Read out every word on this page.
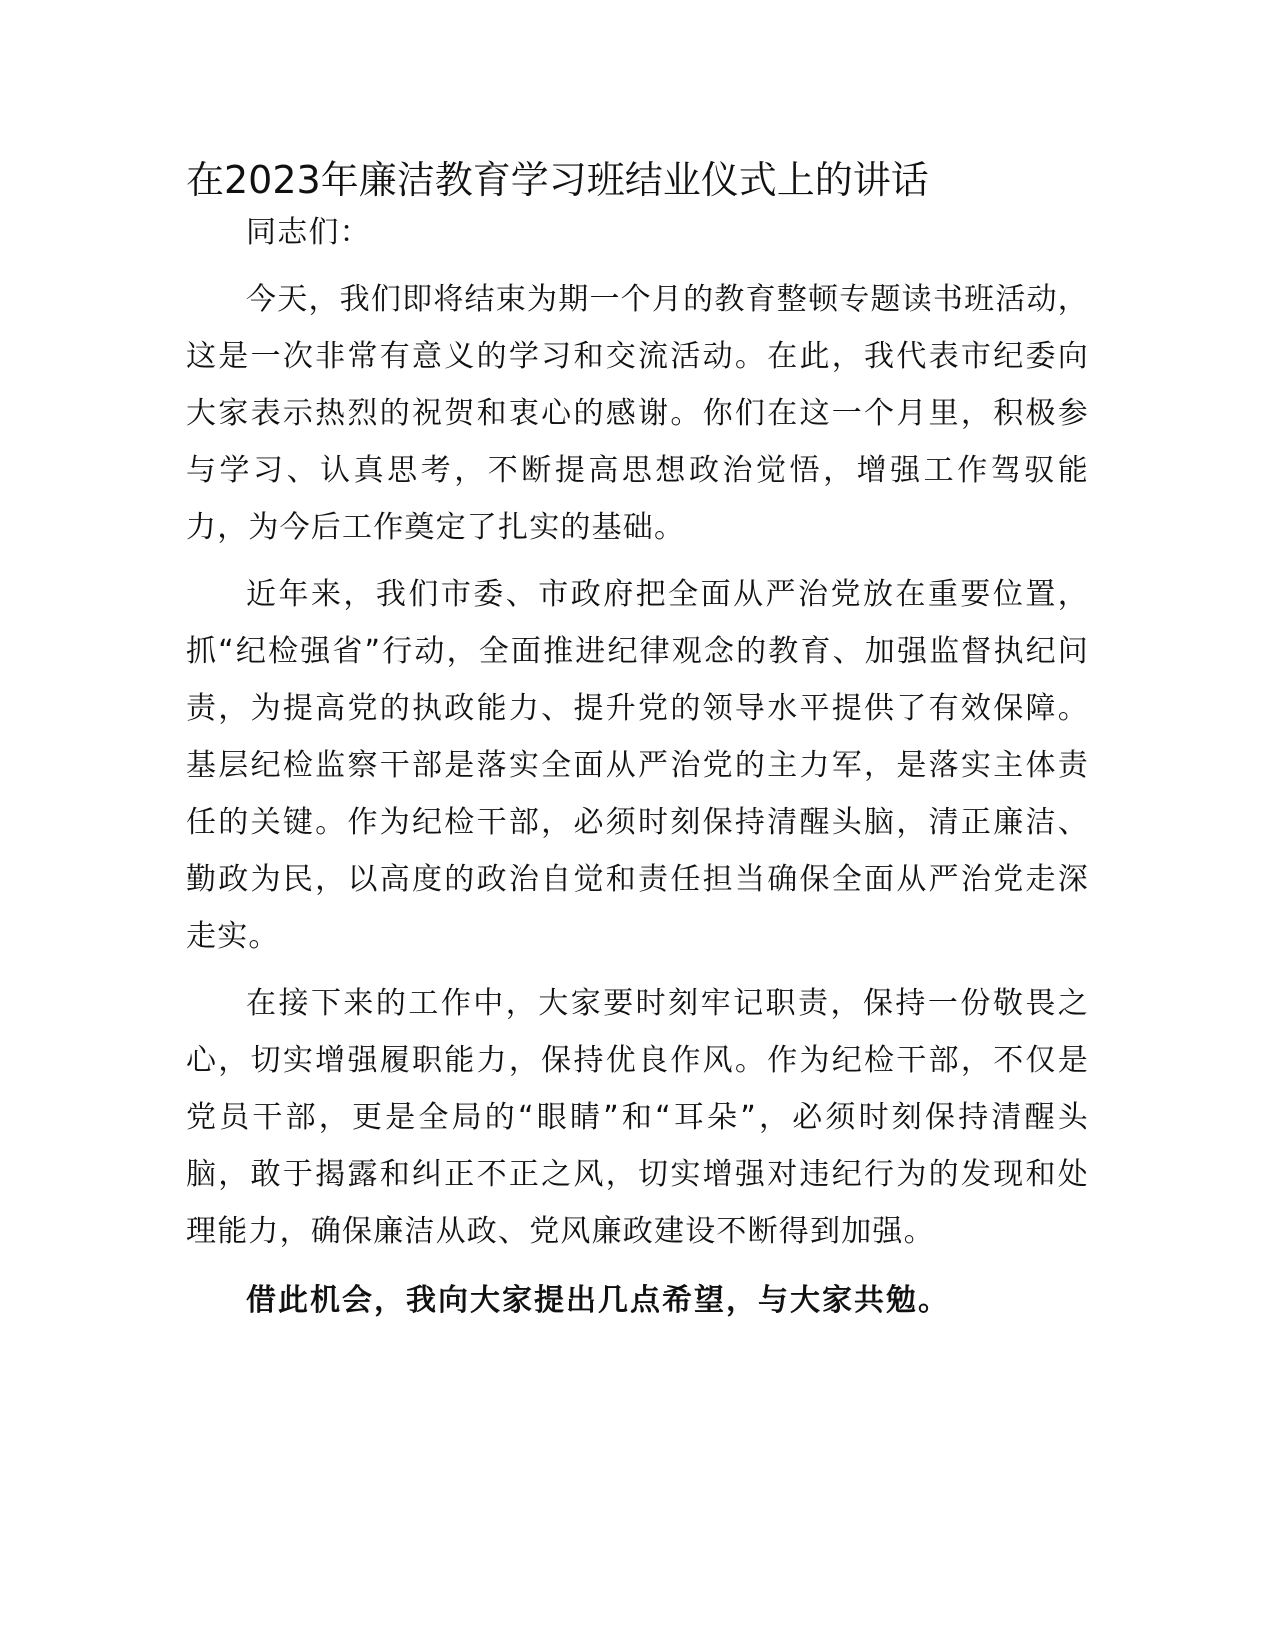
在2023年廉洁教育学习班结业仪式上的讲话

同志们：

今天，我们即将结束为期一个月的教育整顿专题读书班活动，这是一次非常有意义的学习和交流活动。在此，我代表市纪委向大家表示热烈的祝贺和衷心的感谢。你们在这一个月里，积极参与学习、认真思考，不断提高思想政治觉悟，增强工作驾驭能力，为今后工作奠定了扎实的基础。

近年来，我们市委、市政府把全面从严治党放在重要位置，抓“纪检强省”行动，全面推进纪律观念的教育、加强监督执纪问责，为提高党的执政能力、提升党的领导水平提供了有效保障。基层纪检监察干部是落实全面从严治党的主力军，是落实主体责任的关键。作为纪检干部，必须时刻保持清醒头脑，清正廉洁、勤政为民，以高度的政治自觉和责任担当确保全面从严治党走深走实。

在接下来的工作中，大家要时刻牢记职责，保持一份敬畏之心，切实增强履职能力，保持优良作风。作为纪检干部，不仅是党员干部，更是全局的“眼睛”和“耳朵”，必须时刻保持清醒头脑，敢于揭露和纠正不正之风，切实增强对违纪行为的发现和处理能力，确保廉洁从政、党风廉政建设不断得到加强。

借此机会，我向大家提出几点希望，与大家共勉。
